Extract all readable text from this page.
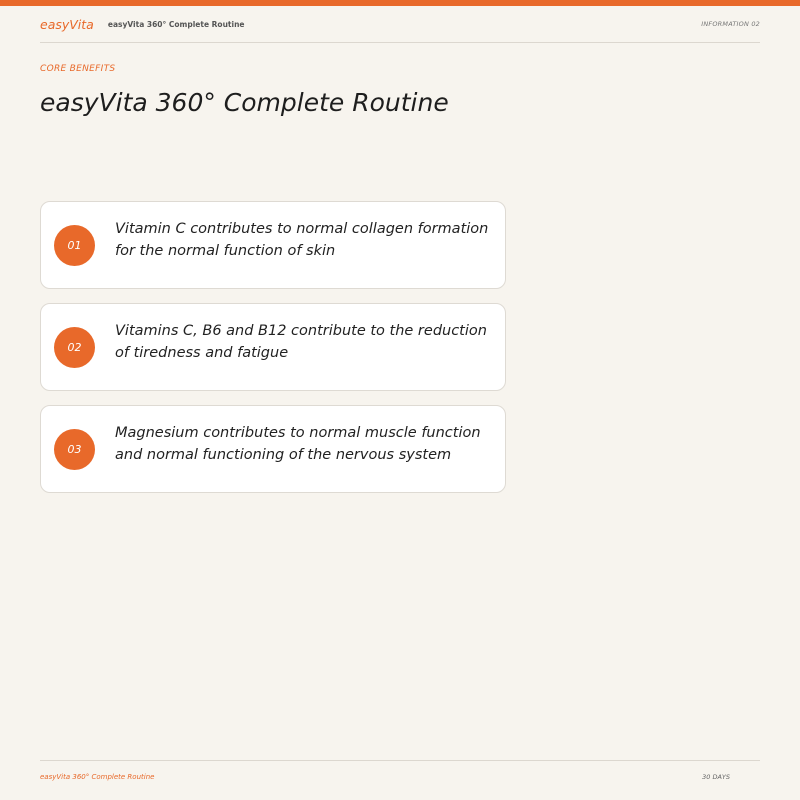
easyVita easyVita 360° Complete Routine	INFORMATION 02
CORE BENEFITS
easyVita 360° Complete Routine
01
Vitamin C contributes to normal collagen formation for the normal function of skin
02
Vitamins C, B6 and B12 contribute to the reduction of tiredness and fatigue
03
Magnesium contributes to normal muscle function and normal functioning of the nervous system
easyVita 360° Complete Routine	30 DAYS
